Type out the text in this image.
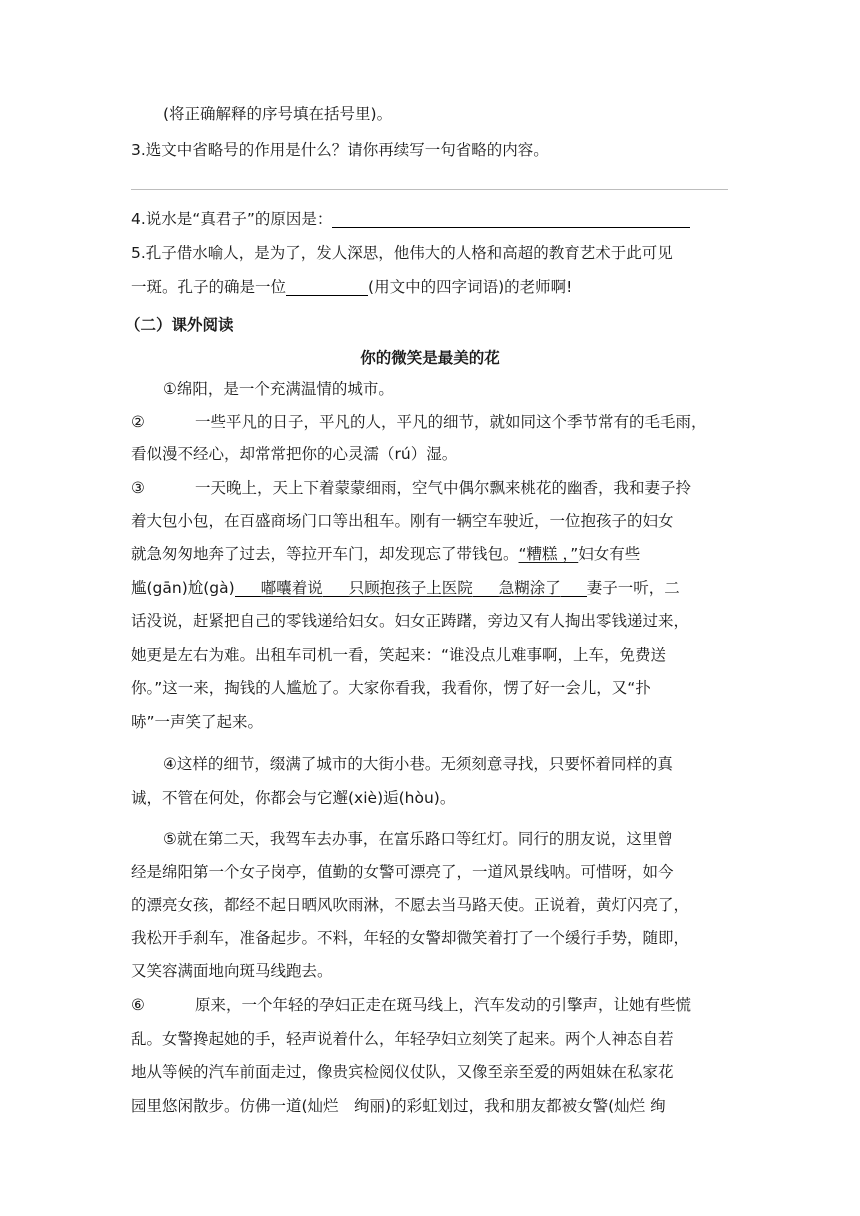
(将正确解释的序号填在括号里)。
3.选文中省略号的作用是什么？请你再续写一句省略的内容。
4.说水是“真君子”的原因是：
5.孔子借水喻人，是为了，发人深思，他伟大的人格和高超的教育艺术于此可见
一斑。孔子的确是一位	(用文中的四字词语)的老师啊!
（二）课外阅读
你的微笑是最美的花
①绵阳，是一个充满温情的城市。
②	一些平凡的日子，平凡的人，平凡的细节，就如同这个季节常有的毛毛雨，
看似漫不经心，却常常把你的心灵濡（rú）湿。
③	一天晚上，天上下着蒙蒙细雨，空气中偶尔飘来桃花的幽香，我和妻子拎
着大包小包，在百盛商场门口等出租车。刚有一辆空车驶近，一位抱孩子的妇女
就急匆匆地奔了过去，等拉开车门，却发现忘了带钱包。“糟糕 ，”妇女有些
尴(gān)尬(gà) 嘟囔着说 只顾抱孩子上医院 急糊涂了 妻子一听，二
话没说，赶紧把自己的零钱递给妇女。妇女正踌躇，旁边又有人掏出零钱递过来，
她更是左右为难。出租车司机一看，笑起来：“谁没点儿难事啊，上车，免费送
你。”这一来，掏钱的人尴尬了。大家你看我，我看你，愣了好一会儿，又“扑
哧”一声笑了起来。
④这样的细节，缀满了城市的大街小巷。无须刻意寻找，只要怀着同样的真
诚，不管在何处，你都会与它邂(xiè)逅(hòu)。
⑤就在第二天，我驾车去办事，在富乐路口等红灯。同行的朋友说，这里曾
经是绵阳第一个女子岗亭，值勤的女警可漂亮了，一道风景线呐。可惜呀，如今
的漂亮女孩，都经不起日晒风吹雨淋，不愿去当马路天使。正说着，黄灯闪亮了，
我松开手刹车，准备起步。不料，年轻的女警却微笑着打了一个缓行手势，随即，
又笑容满面地向斑马线跑去。
⑥	原来，一个年轻的孕妇正走在斑马线上，汽车发动的引擎声，让她有些慌
乱。女警搀起她的手，轻声说着什么，年轻孕妇立刻笑了起来。两个人神态自若
地从等候的汽车前面走过，像贵宾检阅仪仗队，又像至亲至爱的两姐妹在私家花
园里悠闲散步。仿佛一道(灿烂　绚丽)的彩虹划过，我和朋友都被女警(灿烂 绚
